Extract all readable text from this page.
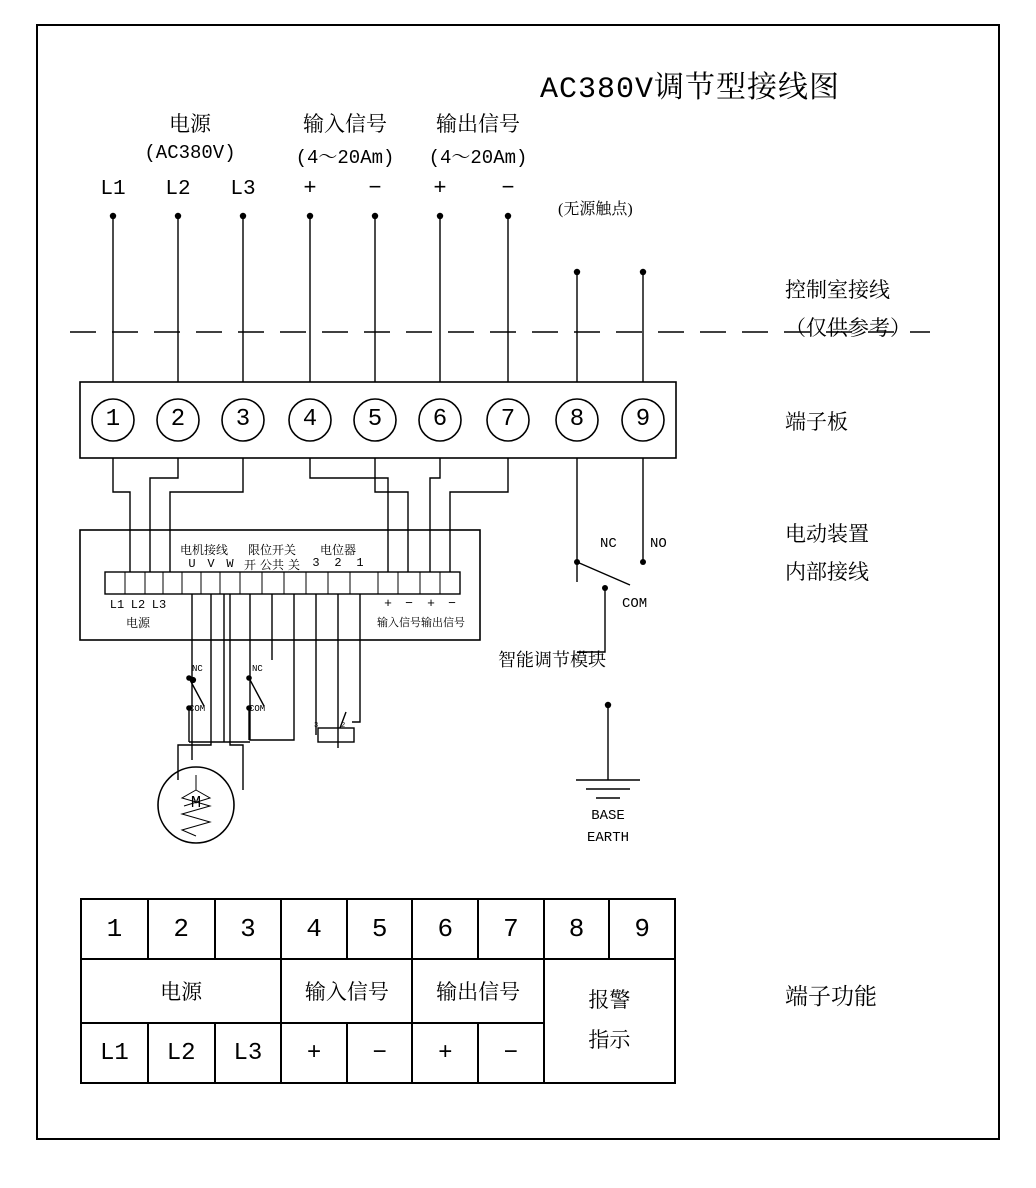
AC380V调节型接线图
电源
(AC380V)
输入信号
(4～20Am)
输出信号
(4～20Am)
(无源触点)
L1 L2 L3 + − + −
1 2 3 4 5 6 7 8 9
控制室接线
（仅供参考）
端子板
电动装置
内部接线
端子功能
电机接线 限位开关 电位器
U V W 开 公共 关 3 2 1
L1 L2 L3
电源
+ − + −
输入信号 输出信号
智能调节模块
M
NC NO
COM
NC
COM
NC
COM
3	2
BASE
EARTH
1	2	3	4	5	6	7	8	9
电源			输入信号		输出信号		报警
指示	

L1	L2	L3	+	−	+	−		
